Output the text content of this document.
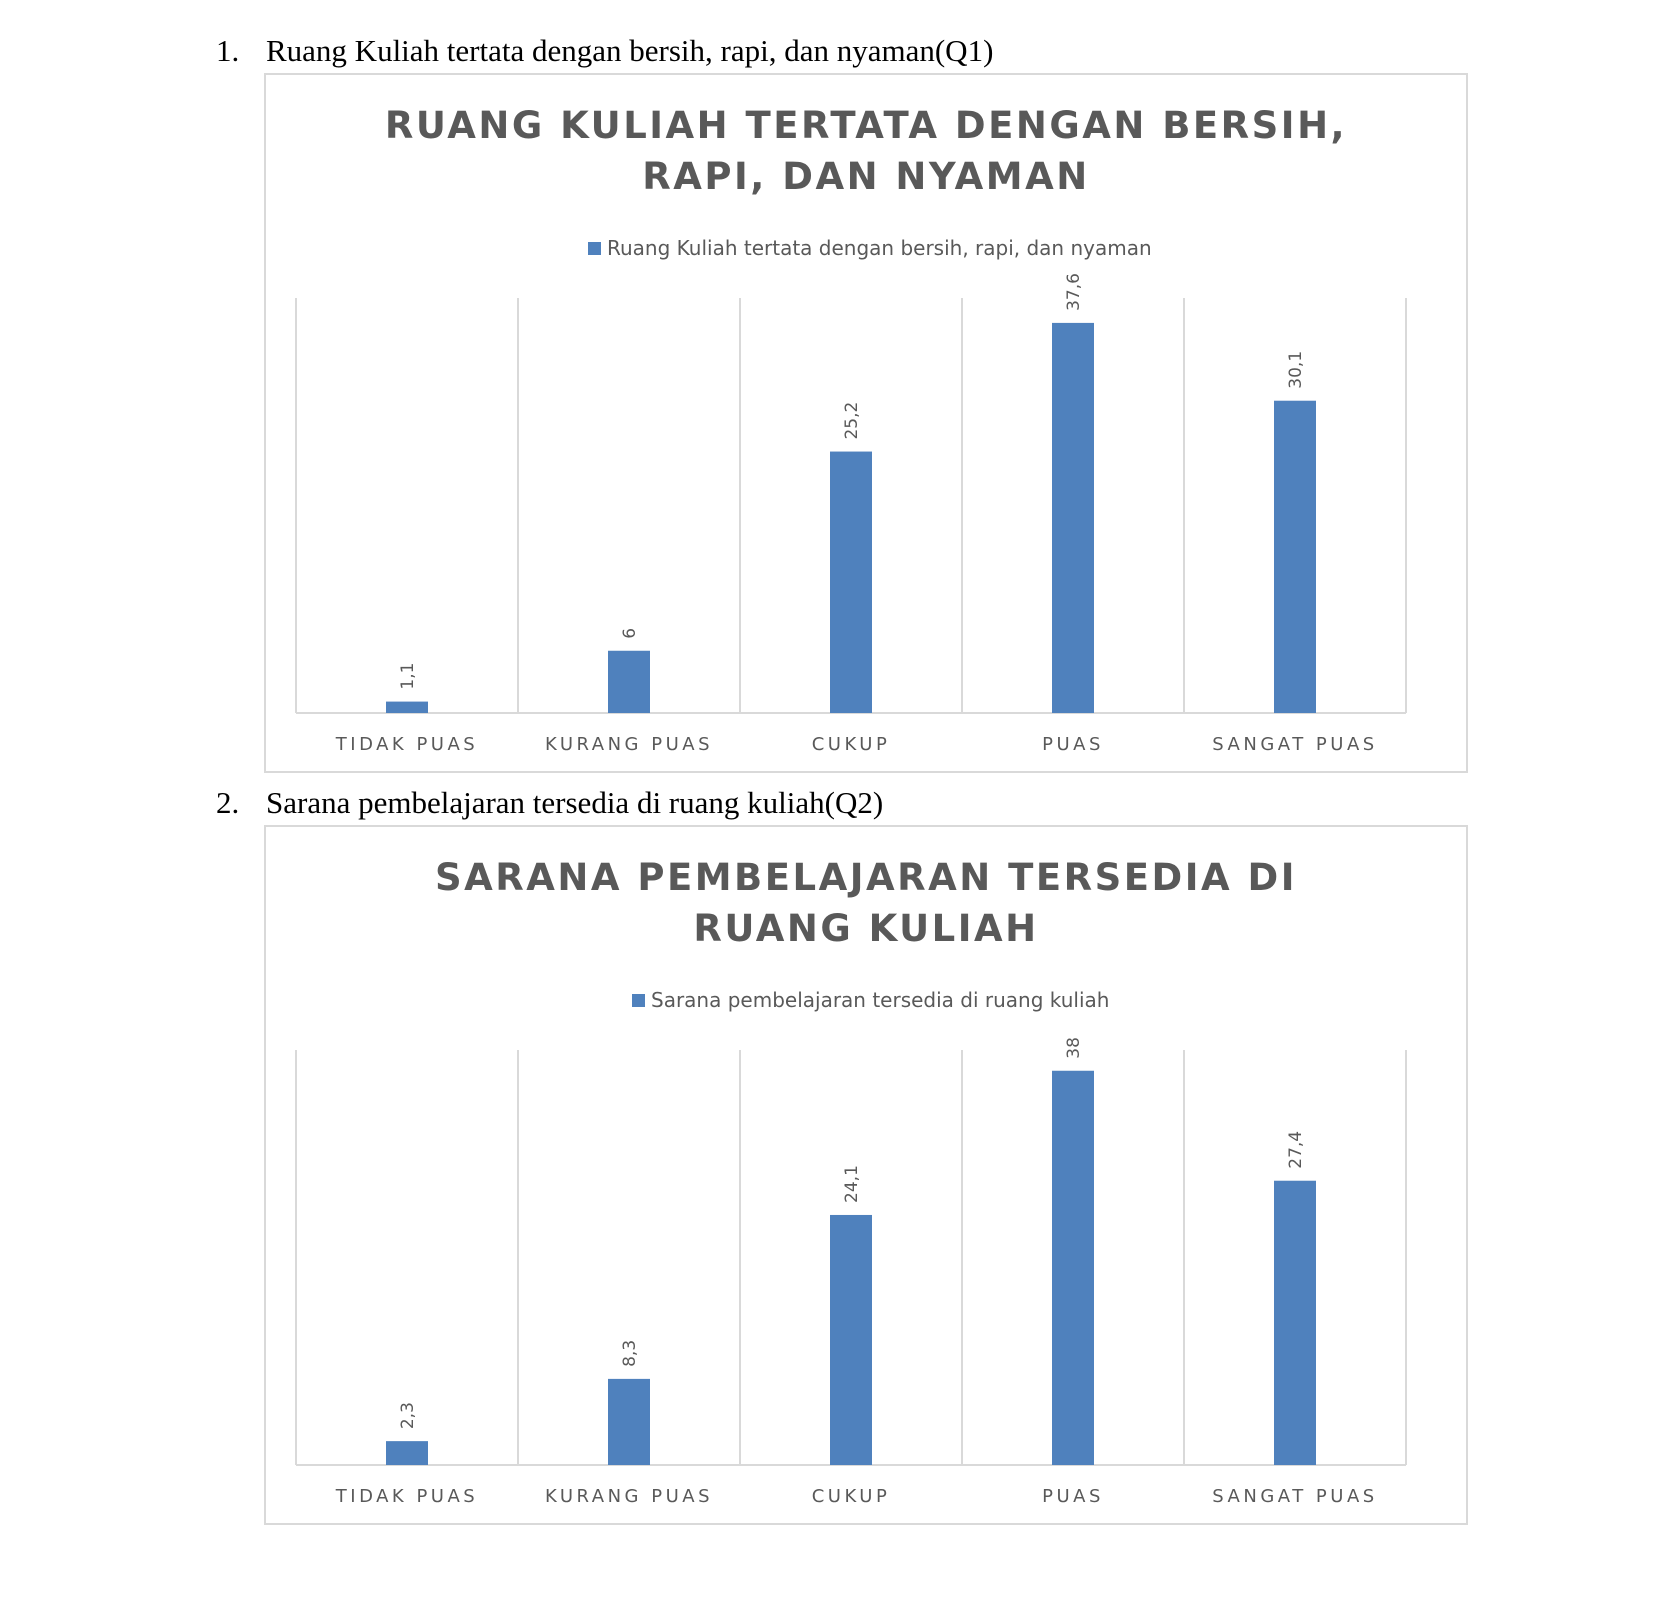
1. Ruang Kuliah tertata dengan bersih, rapi, dan nyaman(Q1)
RUANG KULIAH TERTATA DENGAN BERSIH,
RAPI, DAN NYAMAN
Ruang Kuliah tertata dengan bersih, rapi, dan nyaman
1,1
TIDAK PUAS
6
KURANG PUAS
25,2
CUKUP
37,6
PUAS
30,1
SANGAT PUAS
2. Sarana pembelajaran tersedia di ruang kuliah(Q2)
SARANA PEMBELAJARAN TERSEDIA DI
RUANG KULIAH
Sarana pembelajaran tersedia di ruang kuliah
2,3
TIDAK PUAS
8,3
KURANG PUAS
24,1
CUKUP
38
PUAS
27,4
SANGAT PUAS
